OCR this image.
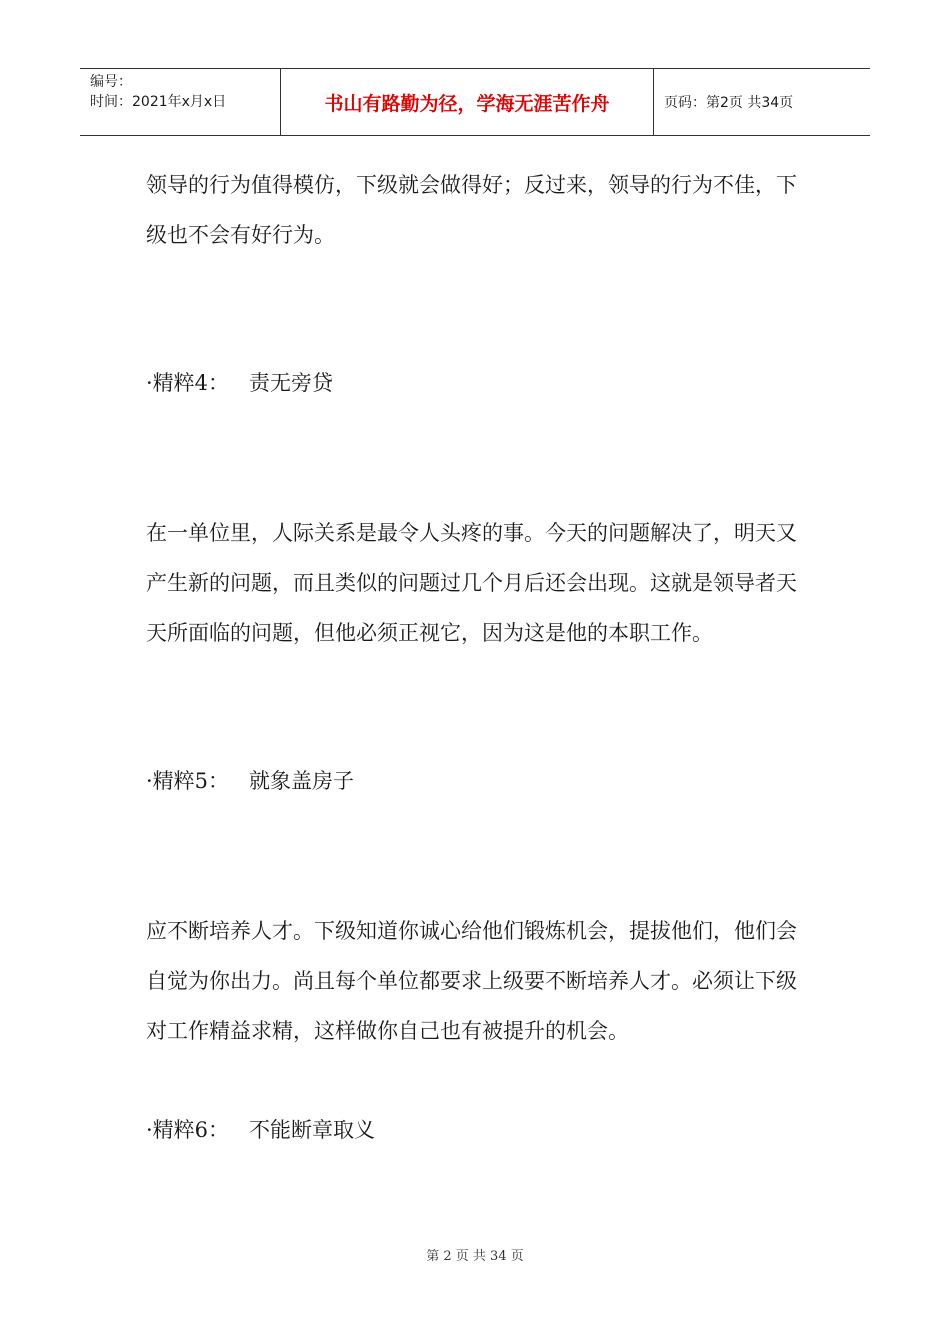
编号：
时间：2021年x月x日	书山有路勤为径，学海无涯苦作舟	页码：第2页 共34页

领导的行为值得模仿，下级就会做得好；反过来，领导的行为不佳，下级也不会有好行为。

·精粹4：   责无旁贷

在一单位里，人际关系是最令人头疼的事。今天的问题解决了，明天又产生新的问题，而且类似的问题过几个月后还会出现。这就是领导者天天所面临的问题，但他必须正视它，因为这是他的本职工作。

·精粹5：   就象盖房子

应不断培养人才。下级知道你诚心给他们锻炼机会，提拔他们，他们会自觉为你出力。尚且每个单位都要求上级要不断培养人才。必须让下级对工作精益求精，这样做你自己也有被提升的机会。

·精粹6：   不能断章取义

第 2 页 共 34 页
